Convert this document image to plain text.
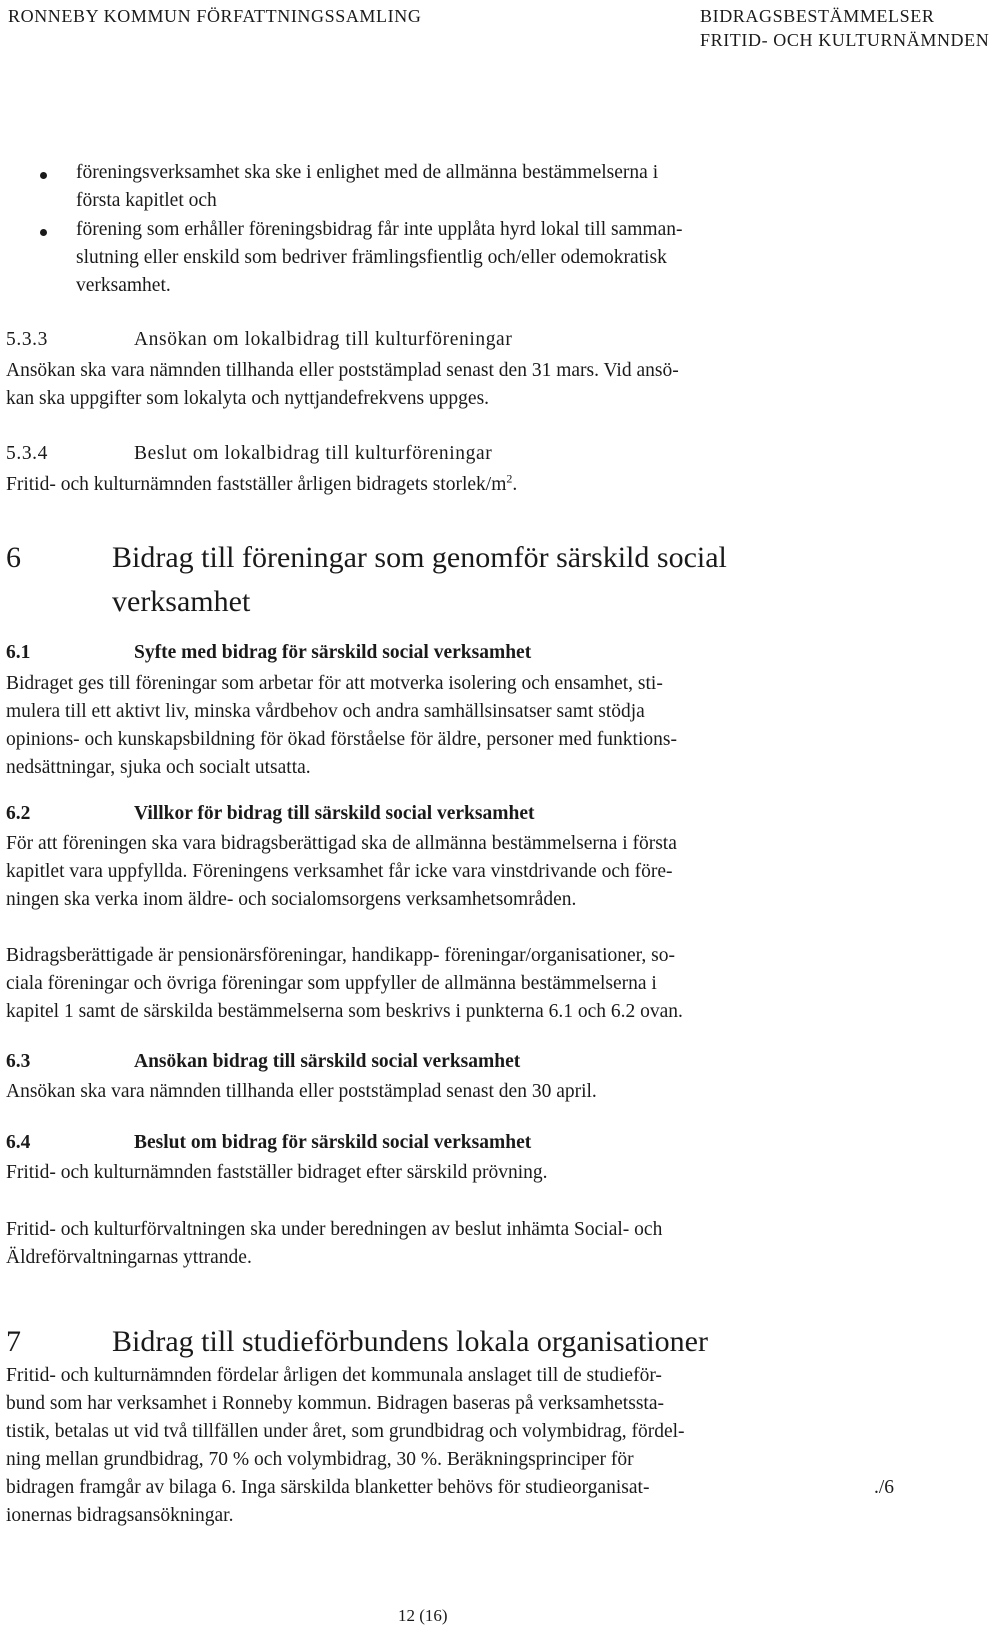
RONNEBY KOMMUN FÖRFATTNINGSSAMLING	BIDRAGSBESTÄMMELSER
FRITID- OCH KULTURNÄMNDEN
föreningsverksamhet ska ske i enlighet med de allmänna bestämmelserna i
första kapitlet och
förening som erhåller föreningsbidrag får inte upplåta hyrd lokal till samman-
slutning eller enskild som bedriver främlingsfientlig och/eller odemokratisk
verksamhet.
5.3.3	Ansökan om lokalbidrag till kulturföreningar
Ansökan ska vara nämnden tillhanda eller poststämplad senast den 31 mars. Vid ansö-
kan ska uppgifter som lokalyta och nyttjandefrekvens uppges.
5.3.4	Beslut om lokalbidrag till kulturföreningar
Fritid- och kulturnämnden fastställer årligen bidragets storlek/$m^2$.
6	Bidrag till föreningar som genomför särskild social
verksamhet
6.1	Syfte med bidrag för särskild social verksamhet
Bidraget ges till föreningar som arbetar för att motverka isolering och ensamhet, sti-
mulera till ett aktivt liv, minska vårdbehov och andra samhällsinsatser samt stödja
opinions- och kunskapsbildning för ökad förståelse för äldre, personer med funktions-
nedsättningar, sjuka och socialt utsatta.
6.2	Villkor för bidrag till särskild social verksamhet
För att föreningen ska vara bidragsberättigad ska de allmänna bestämmelserna i första
kapitlet vara uppfyllda. Föreningens verksamhet får icke vara vinstdrivande och före-
ningen ska verka inom äldre- och socialomsorgens verksamhetsområden.
Bidragsberättigade är pensionärsföreningar, handikapp- föreningar/organisationer, so-
ciala föreningar och övriga föreningar som uppfyller de allmänna bestämmelserna i
kapitel 1 samt de särskilda bestämmelserna som beskrivs i punkterna 6.1 och 6.2 ovan.
6.3	Ansökan bidrag till särskild social verksamhet
Ansökan ska vara nämnden tillhanda eller poststämplad senast den 30 april.
6.4	Beslut om bidrag för särskild social verksamhet
Fritid- och kulturnämnden fastställer bidraget efter särskild prövning.
Fritid- och kulturförvaltningen ska under beredningen av beslut inhämta Social- och
Äldreförvaltningarnas yttrande.
7	Bidrag till studieförbundens lokala organisationer
Fritid- och kulturnämnden fördelar årligen det kommunala anslaget till de studieför-
bund som har verksamhet i Ronneby kommun. Bidragen baseras på verksamhetssta-
tistik, betalas ut vid två tillfällen under året, som grundbidrag och volymbidrag, fördel-
ning mellan grundbidrag, 70 % och volymbidrag, 30 %. Beräkningsprinciper för
bidragen framgår av bilaga 6. Inga särskilda blanketter behövs för studieorganisat-
ionernas bidragsansökningar.
./6
12 (16)
